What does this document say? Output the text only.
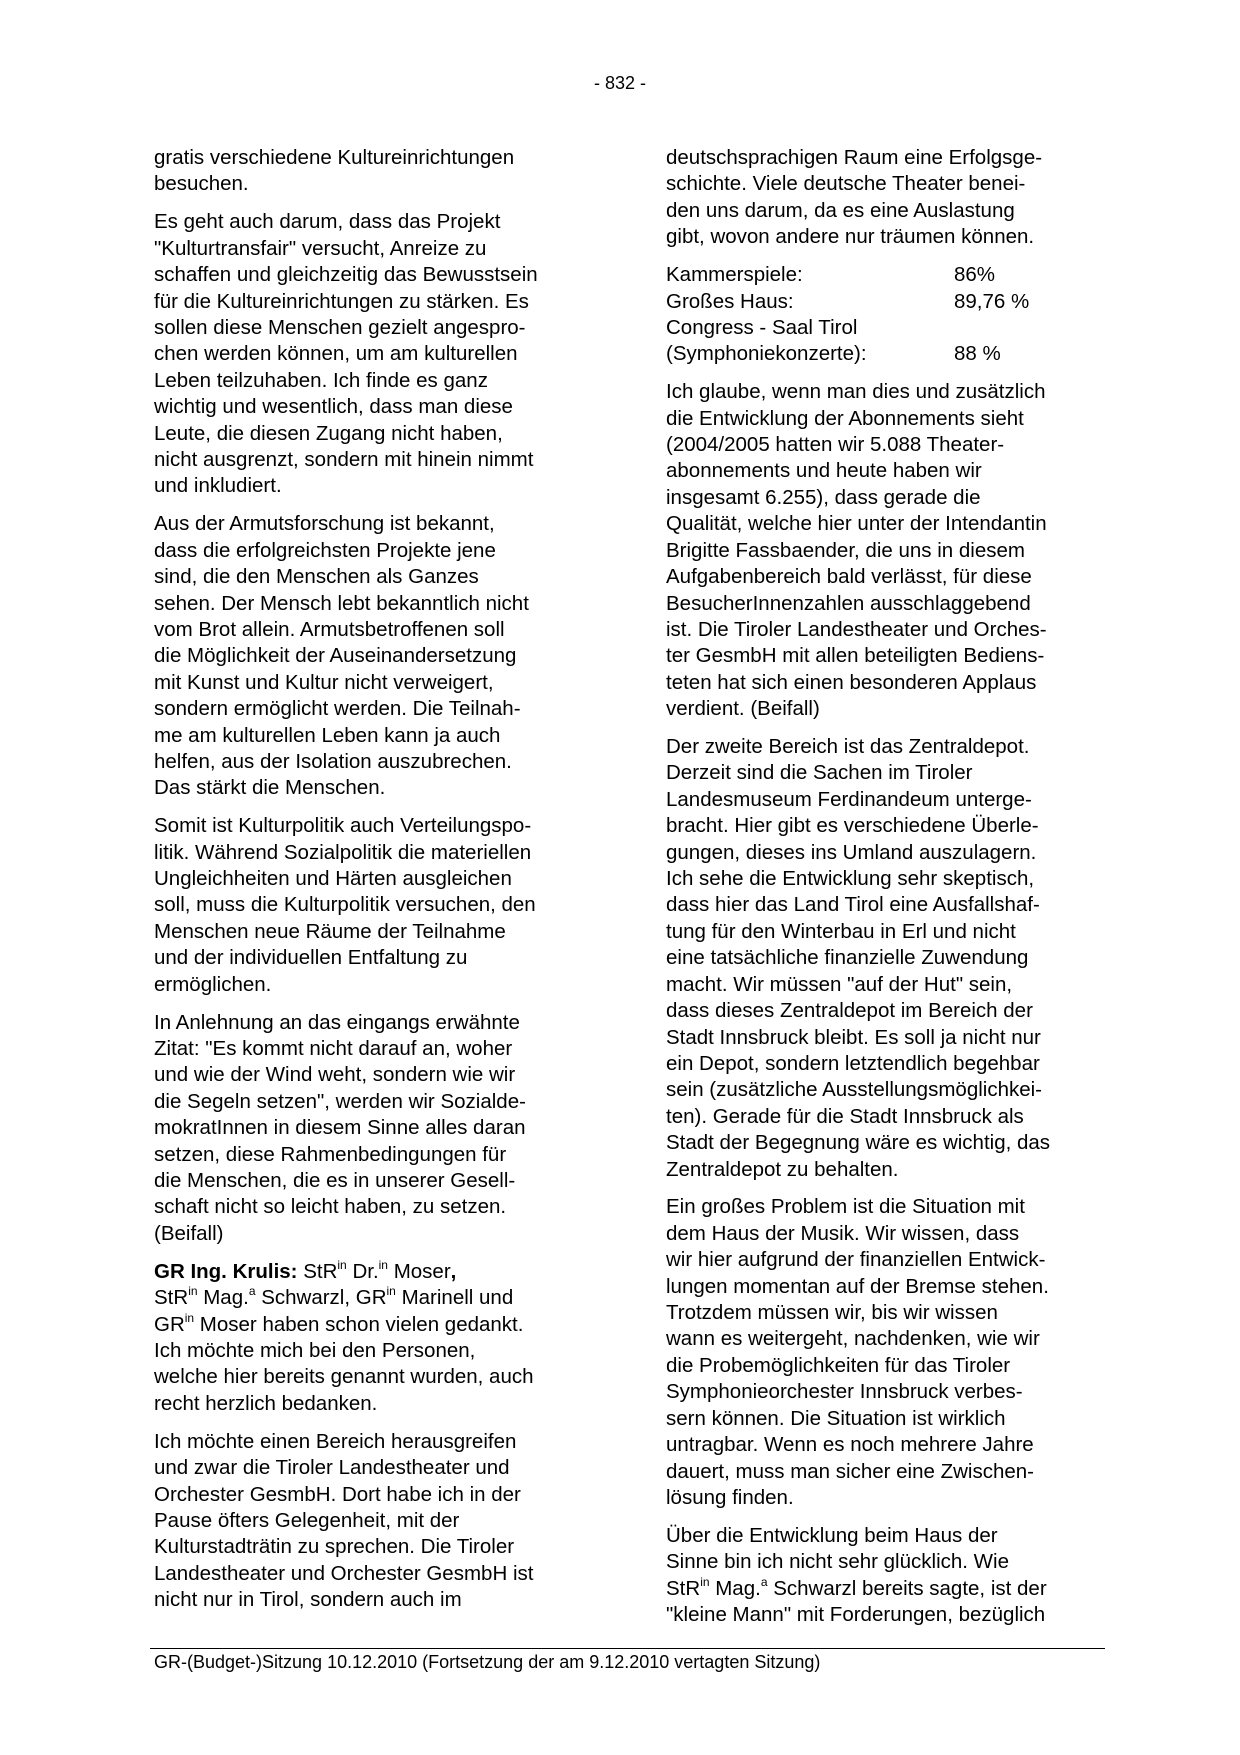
- 832 -

gratis verschiedene Kultureinrichtungen
besuchen.

Es geht auch darum, dass das Projekt
"Kulturtransfair" versucht, Anreize zu
schaffen und gleichzeitig das Bewusstsein
für die Kultureinrichtungen zu stärken. Es
sollen diese Menschen gezielt angespro-
chen werden können, um am kulturellen
Leben teilzuhaben. Ich finde es ganz
wichtig und wesentlich, dass man diese
Leute, die diesen Zugang nicht haben,
nicht ausgrenzt, sondern mit hinein nimmt
und inkludiert.

Aus der Armutsforschung ist bekannt,
dass die erfolgreichsten Projekte jene
sind, die den Menschen als Ganzes
sehen. Der Mensch lebt bekanntlich nicht
vom Brot allein. Armutsbetroffenen soll
die Möglichkeit der Auseinandersetzung
mit Kunst und Kultur nicht verweigert,
sondern ermöglicht werden. Die Teilnah-
me am kulturellen Leben kann ja auch
helfen, aus der Isolation auszubrechen.
Das stärkt die Menschen.

Somit ist Kulturpolitik auch Verteilungspo-
litik. Während Sozialpolitik die materiellen
Ungleichheiten und Härten ausgleichen
soll, muss die Kulturpolitik versuchen, den
Menschen neue Räume der Teilnahme
und der individuellen Entfaltung zu
ermöglichen.

In Anlehnung an das eingangs erwähnte
Zitat: "Es kommt nicht darauf an, woher
und wie der Wind weht, sondern wie wir
die Segeln setzen", werden wir Sozialde-
mokratInnen in diesem Sinne alles daran
setzen, diese Rahmenbedingungen für
die Menschen, die es in unserer Gesell-
schaft nicht so leicht haben, zu setzen.
(Beifall)

GR Ing. Krulis: StR$^{in}$ Dr.$^{in}$ Moser,
StR$^{in}$ Mag.$^a$ Schwarzl, $GR^{in}$ Marinell und
$GR^{in}$ Moser haben schon vielen gedankt.
Ich möchte mich bei den Personen,
welche hier bereits genannt wurden, auch
recht herzlich bedanken.

Ich möchte einen Bereich herausgreifen
und zwar die Tiroler Landestheater und
Orchester GesmbH. Dort habe ich in der
Pause öfters Gelegenheit, mit der
Kulturstadträtin zu sprechen. Die Tiroler
Landestheater und Orchester GesmbH ist
nicht nur in Tirol, sondern auch im

deutschsprachigen Raum eine Erfolgsge-
schichte. Viele deutsche Theater benei-
den uns darum, da es eine Auslastung
gibt, wovon andere nur träumen können.

Kammerspiele:	86%
Großes Haus:	89,76 %
Congress - Saal Tirol
(Symphoniekonzerte):	88 %

Ich glaube, wenn man dies und zusätzlich
die Entwicklung der Abonnements sieht
(2004/2005 hatten wir 5.088 Theater-
abonnements und heute haben wir
insgesamt 6.255), dass gerade die
Qualität, welche hier unter der Intendantin
Brigitte Fassbaender, die uns in diesem
Aufgabenbereich bald verlässt, für diese
BesucherInnenzahlen ausschlaggebend
ist. Die Tiroler Landestheater und Orches-
ter GesmbH mit allen beteiligten Bediens-
teten hat sich einen besonderen Applaus
verdient. (Beifall)

Der zweite Bereich ist das Zentraldepot.
Derzeit sind die Sachen im Tiroler
Landesmuseum Ferdinandeum unterge-
bracht. Hier gibt es verschiedene Überle-
gungen, dieses ins Umland auszulagern.
Ich sehe die Entwicklung sehr skeptisch,
dass hier das Land Tirol eine Ausfallshaf-
tung für den Winterbau in Erl und nicht
eine tatsächliche finanzielle Zuwendung
macht. Wir müssen "auf der Hut" sein,
dass dieses Zentraldepot im Bereich der
Stadt Innsbruck bleibt. Es soll ja nicht nur
ein Depot, sondern letztendlich begehbar
sein (zusätzliche Ausstellungsmöglichkei-
ten). Gerade für die Stadt Innsbruck als
Stadt der Begegnung wäre es wichtig, das
Zentraldepot zu behalten.

Ein großes Problem ist die Situation mit
dem Haus der Musik. Wir wissen, dass
wir hier aufgrund der finanziellen Entwick-
lungen momentan auf der Bremse stehen.
Trotzdem müssen wir, bis wir wissen
wann es weitergeht, nachdenken, wie wir
die Probemöglichkeiten für das Tiroler
Symphonieorchester Innsbruck verbes-
sern können. Die Situation ist wirklich
untragbar. Wenn es noch mehrere Jahre
dauert, muss man sicher eine Zwischen-
lösung finden.

Über die Entwicklung beim Haus der
Sinne bin ich nicht sehr glücklich. Wie
StR$^{in}$ Mag.$^a$ Schwarzl bereits sagte, ist der
"kleine Mann" mit Forderungen, bezüglich

GR-(Budget-)Sitzung 10.12.2010 (Fortsetzung der am 9.12.2010 vertagten Sitzung)
